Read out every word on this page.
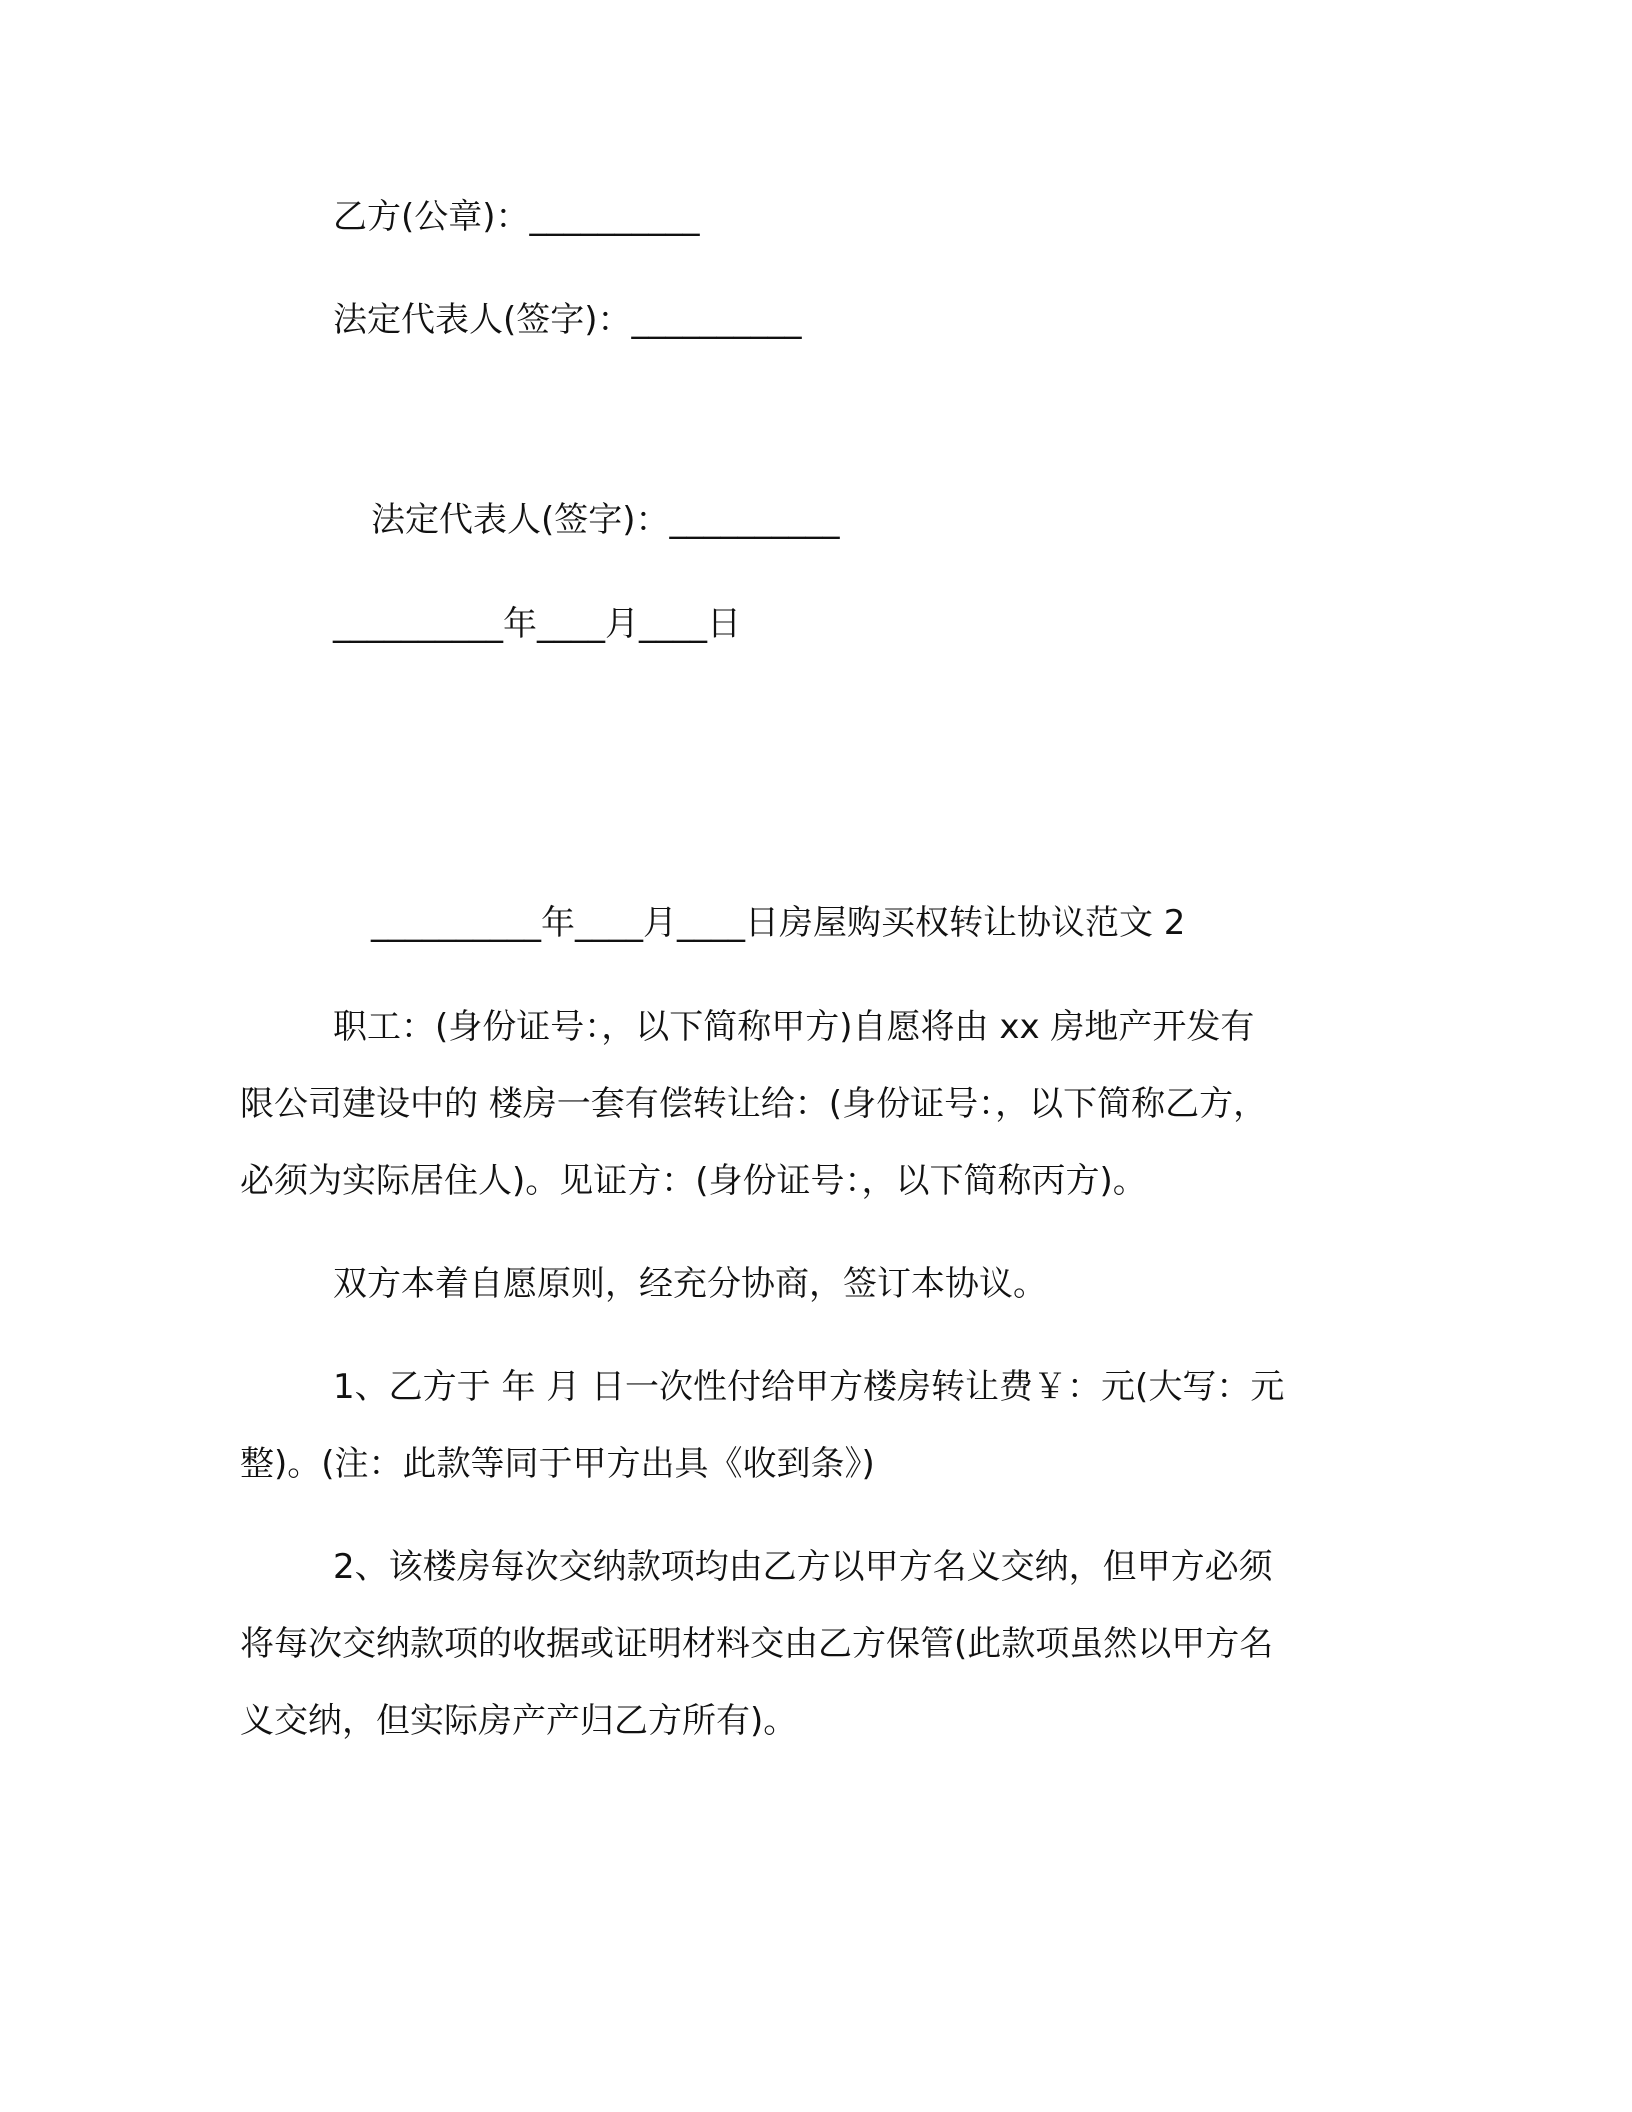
乙方(公章)：__________
法定代表人(签字)：__________
法定代表人(签字)：__________
__________年____月____日
__________年____月____日房屋购买权转让协议范文 2
职工：(身份证号：，以下简称甲方)自愿将由 xx 房地产开发有
限公司建设中的 楼房一套有偿转让给：(身份证号：，以下简称乙方，
必须为实际居住人)。见证方：(身份证号：，以下简称丙方)。
双方本着自愿原则，经充分协商，签订本协议。
1、乙方于 年 月 日一次性付给甲方楼房转让费￥：元(大写：元
整)。(注：此款等同于甲方出具《收到条》)
2、该楼房每次交纳款项均由乙方以甲方名义交纳，但甲方必须
将每次交纳款项的收据或证明材料交由乙方保管(此款项虽然以甲方名
义交纳，但实际房产产归乙方所有)。
